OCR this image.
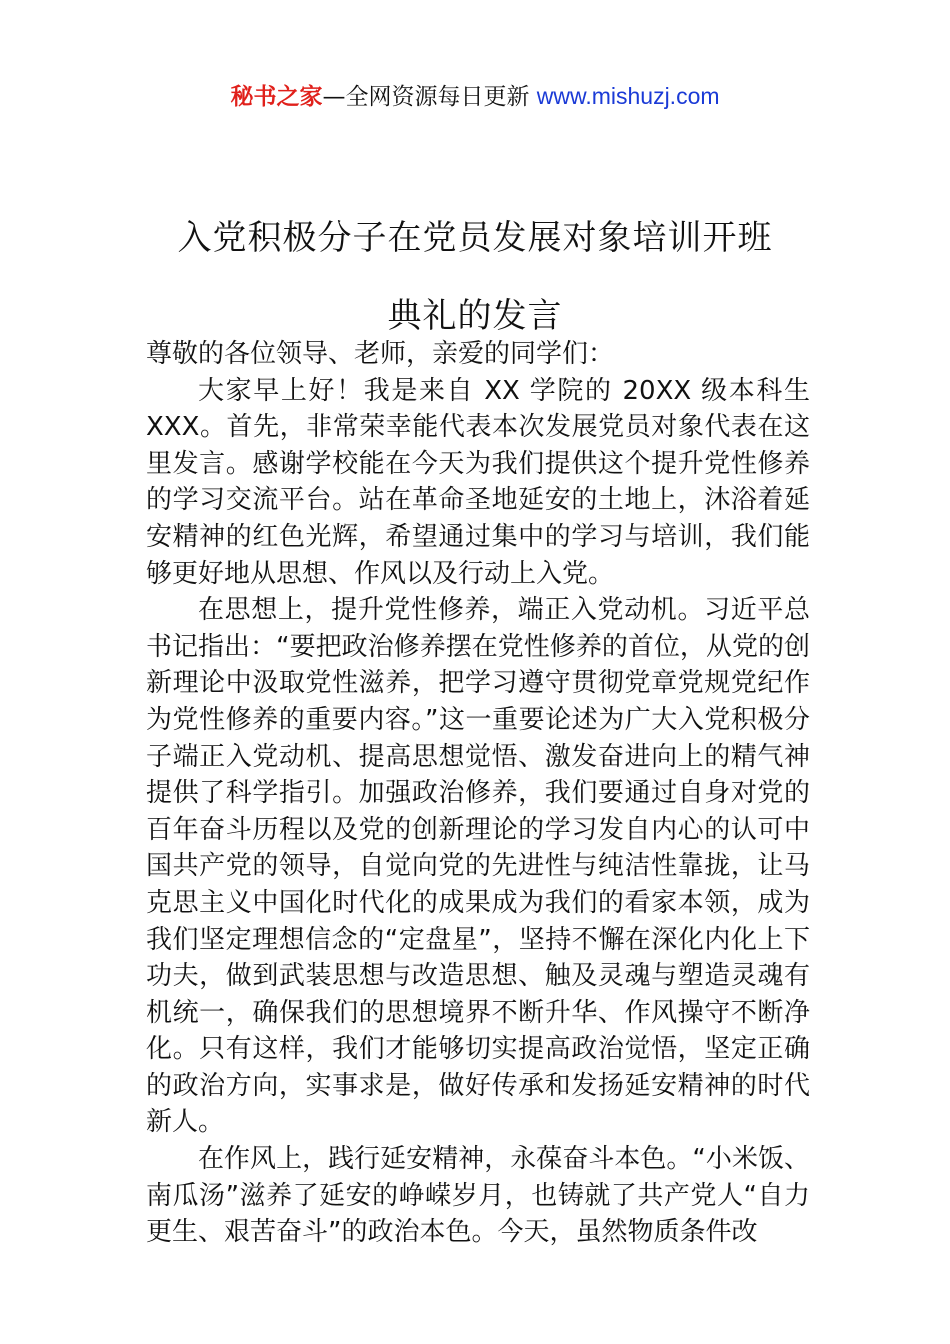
秘书之家—全网资源每日更新 www.mishuzj.com
入党积极分子在党员发展对象培训开班
典礼的发言

尊敬的各位领导、老师，亲爱的同学们：

大家早上好！我是来自 XX 学院的 20XX 级本科生 XXX。首先，非常荣幸能代表本次发展党员对象代表在这里发言。感谢学校能在今天为我们提供这个提升党性修养的学习交流平台。站在革命圣地延安的土地上，沐浴着延安精神的红色光辉，希望通过集中的学习与培训，我们能够更好地从思想、作风以及行动上入党。

在思想上，提升党性修养，端正入党动机。习近平总书记指出：“要把政治修养摆在党性修养的首位，从党的创新理论中汲取党性滋养，把学习遵守贯彻党章党规党纪作为党性修养的重要内容。”这一重要论述为广大入党积极分子端正入党动机、提高思想觉悟、激发奋进向上的精气神提供了科学指引。加强政治修养，我们要通过自身对党的百年奋斗历程以及党的创新理论的学习发自内心的认可中国共产党的领导，自觉向党的先进性与纯洁性靠拢，让马克思主义中国化时代化的成果成为我们的看家本领，成为我们坚定理想信念的“定盘星”，坚持不懈在深化内化上下功夫，做到武装思想与改造思想、触及灵魂与塑造灵魂有机统一，确保我们的思想境界不断升华、作风操守不断净化。只有这样，我们才能够切实提高政治觉悟，坚定正确的政治方向，实事求是，做好传承和发扬延安精神的时代新人。

在作风上，践行延安精神，永葆奋斗本色。“小米饭、南瓜汤”滋养了延安的峥嵘岁月，也铸就了共产党人“自力更生、艰苦奋斗”的政治本色。今天，虽然物质条件改
